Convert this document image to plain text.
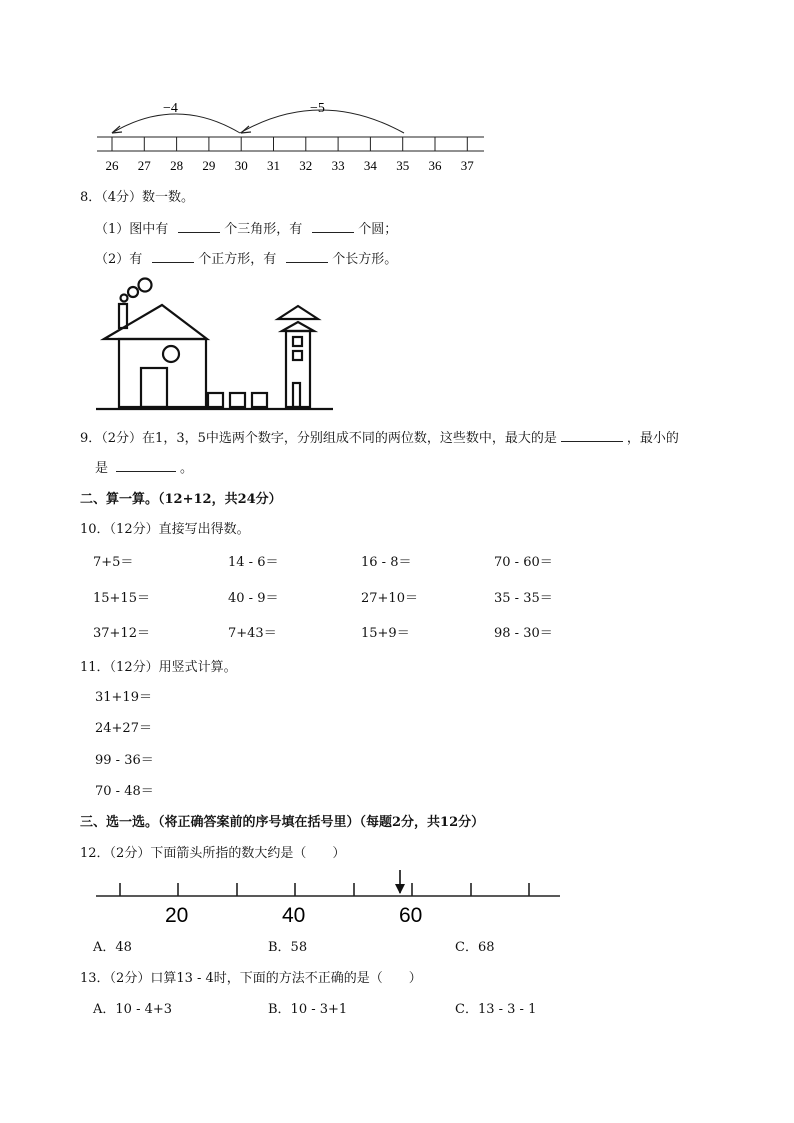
−4	−5
26 27 28 29 30 31 32 33 34 35 36 37
8．（4分）数一数。
（1）图中有	个三角形，有	个圆；
（2）有	个正方形，有	个长方形。
9．（2分）在1，3，5中选两个数字，分别组成不同的两位数，这些数中，最大的是	，最小的
是	。
二、算一算。（12+12，共24分）
10．（12分）直接写出得数。
7+5＝	14 - 6＝	16 - 8＝	70 - 60＝
15+15＝	40 - 9＝	27+10＝	35 - 35＝
37+12＝	7+43＝	15+9＝	98 - 30＝
11．（12分）用竖式计算。
31+19＝
24+27＝
99 - 36＝
70 - 48＝
三、选一选。（将正确答案前的序号填在括号里）（每题2分，共12分）
12．（2分）下面箭头所指的数大约是（　　）
20	40	60
A．48	B．58	C．68
13．（2分）口算13 - 4时，下面的方法不正确的是（　　）
A．10 - 4+3	B．10 - 3+1	C．13 - 3 - 1
